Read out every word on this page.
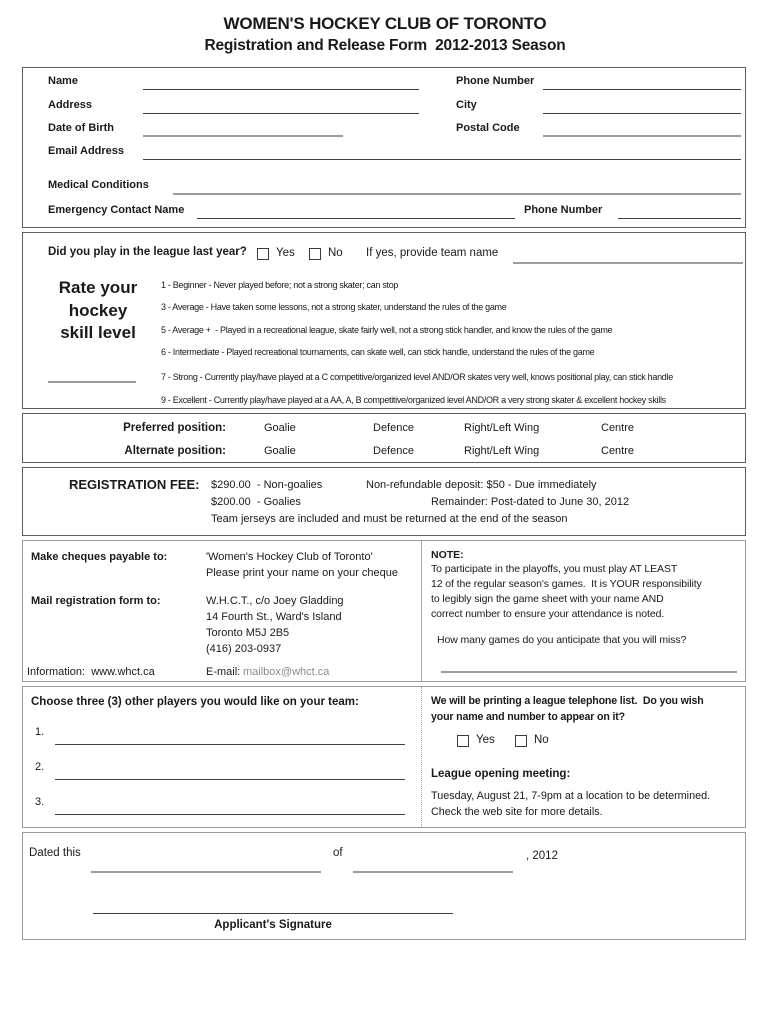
WOMEN'S HOCKEY CLUB OF TORONTO
Registration and Release Form  2012-2013 Season
Name	Phone Number
Address	City
Date of Birth	Postal Code
Email Address
Medical Conditions
Emergency Contact Name	Phone Number
Did you play in the league last year?	Yes	No If yes, provide team name
Rate your
hockey
skill level
1 - Beginner - Never played before; not a strong skater; can stop
3 - Average - Have taken some lessons, not a strong skater, understand the rules of the game
5 - Average +  - Played in a recreational league, skate fairly well, not a strong stick handler, and know the rules of the game
6 - Intermediate - Played recreational tournaments, can skate well, can stick handle, understand the rules of the game
7 - Strong - Currently play/have played at a C competitive/organized level AND/OR skates very well, knows positional play, can stick handle
9 - Excellent - Currently play/have played at a AA, A, B competitive/organized level AND/OR a very strong skater & excellent hockey skills
Preferred position:	Goalie	Defence	Right/Left Wing	Centre
Alternate position:	Goalie	Defence	Right/Left Wing	Centre
REGISTRATION FEE: $290.00  - Non-goalies	Non-refundable deposit: $50 - Due immediately
$200.00  - Goalies	Remainder: Post-dated to June 30, 2012
Team jerseys are included and must be returned at the end of the season
Make cheques payable to:	'Women's Hockey Club of Toronto'
Please print your name on your cheque
Mail registration form to:	W.H.C.T., c/o Joey Gladding
14 Fourth St., Ward's Island
Toronto M5J 2B5
(416) 203-0937
Information:  www.whct.ca	E-mail: mailbox@whct.ca
NOTE:
To participate in the playoffs, you must play AT LEAST
12 of the regular season's games.  It is YOUR responsibility
to legibly sign the game sheet with your name AND
correct number to ensure your attendance is noted.
How many games do you anticipate that you will miss?
Choose three (3) other players you would like on your team:
1.
2.
3.
We will be printing a league telephone list.  Do you wish
your name and number to appear on it?
Yes	No
League opening meeting:
Tuesday, August 21, 7-9pm at a location to be determined.
Check the web site for more details.
Dated this	of	, 2012
Applicant's Signature
